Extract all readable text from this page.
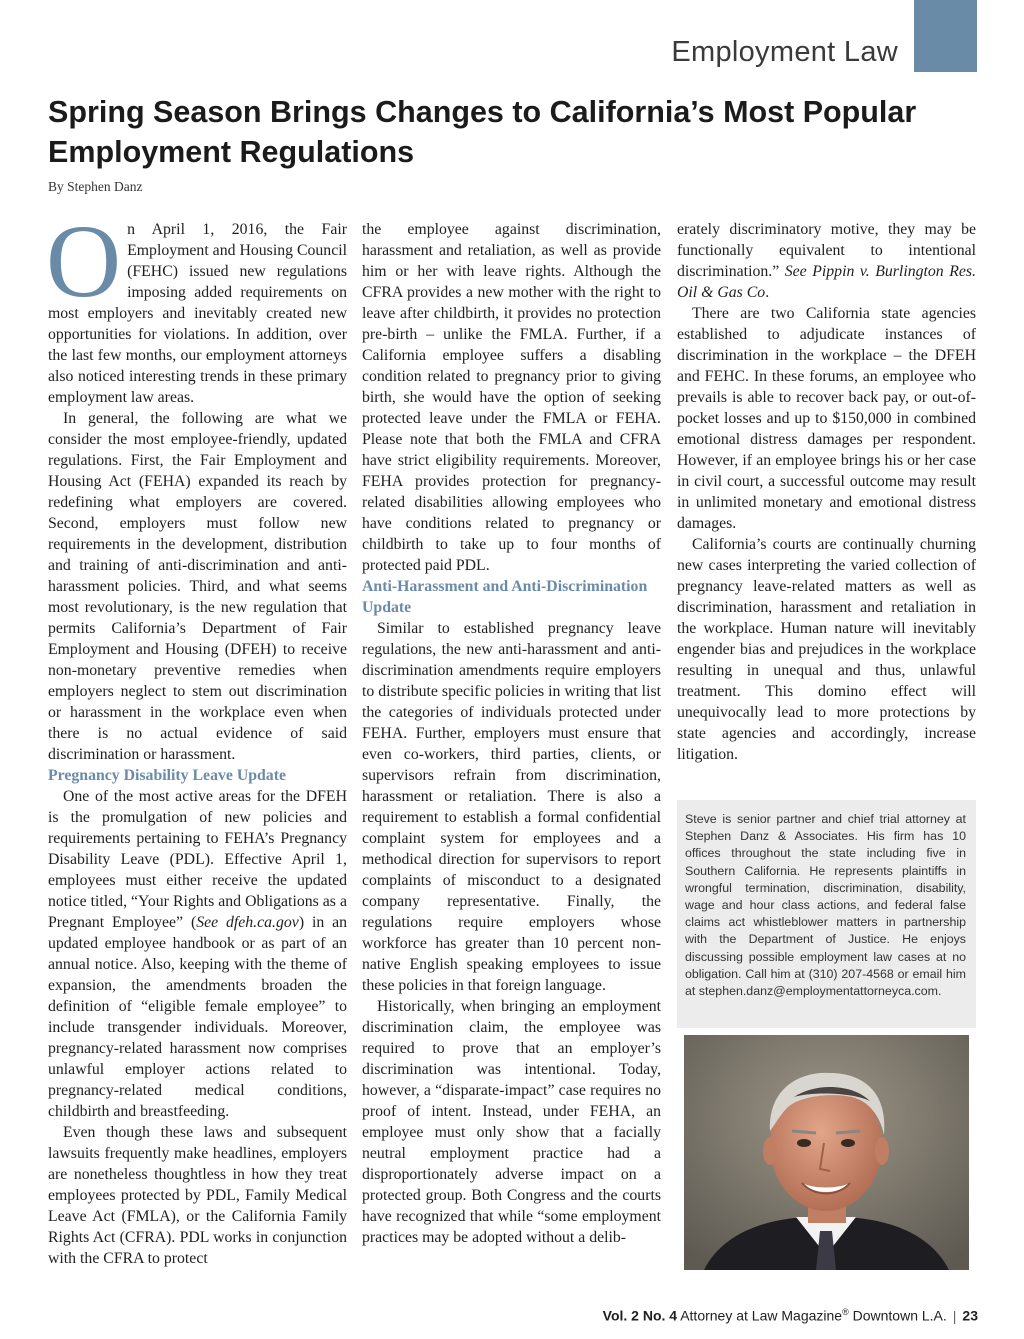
Employment Law
Spring Season Brings Changes to California’s Most Popular Employment Regulations
By Stephen Danz

On April 1, 2016, the Fair Employment and Housing Council (FEHC) issued new regulations imposing added requirements on most employers and inevitably created new opportunities for violations. In addition, over the last few months, our employment attorneys also noticed interesting trends in these primary employment law areas.

In general, the following are what we consider the most employee-friendly, updated regulations. First, the Fair Employment and Housing Act (FEHA) expanded its reach by redefining what employers are covered. Second, employers must follow new requirements in the development, distribution and training of anti-discrimination and anti-harassment policies. Third, and what seems most revolutionary, is the new regulation that permits California’s Department of Fair Employment and Housing (DFEH) to receive non-monetary preventive remedies when employers neglect to stem out discrimination or harassment in the workplace even when there is no actual evidence of said discrimination or harassment.

Pregnancy Disability Leave Update

One of the most active areas for the DFEH is the promulgation of new policies and requirements pertaining to FEHA’s Pregnancy Disability Leave (PDL). Effective April 1, employees must either receive the updated notice titled, “Your Rights and Obligations as a Pregnant Employee” (See dfeh.ca.gov) in an updated employee handbook or as part of an annual notice. Also, keeping with the theme of expansion, the amendments broaden the definition of “eligible female employee” to include transgender individuals. Moreover, pregnancy-related harassment now comprises unlawful employer actions related to pregnancy-related medical conditions, childbirth and breastfeeding.

Even though these laws and subsequent lawsuits frequently make headlines, employers are nonetheless thoughtless in how they treat employees protected by PDL, Family Medical Leave Act (FMLA), or the California Family Rights Act (CFRA). PDL works in conjunction with the CFRA to protect

the employee against discrimination, harassment and retaliation, as well as provide him or her with leave rights. Although the CFRA provides a new mother with the right to leave after childbirth, it provides no protection pre-birth – unlike the FMLA. Further, if a California employee suffers a disabling condition related to pregnancy prior to giving birth, she would have the option of seeking protected leave under the FMLA or FEHA. Please note that both the FMLA and CFRA have strict eligibility requirements. Moreover, FEHA provides protection for pregnancy-related disabilities allowing employees who have conditions related to pregnancy or childbirth to take up to four months of protected paid PDL.

Anti-Harassment and Anti-Discrimination Update

Similar to established pregnancy leave regulations, the new anti-harassment and anti-discrimination amendments require employers to distribute specific policies in writing that list the categories of individuals protected under FEHA. Further, employers must ensure that even co-workers, third parties, clients, or supervisors refrain from discrimination, harassment or retaliation. There is also a requirement to establish a formal confidential complaint system for employees and a methodical direction for supervisors to report complaints of misconduct to a designated company representative. Finally, the regulations require employers whose workforce has greater than 10 percent non-native English speaking employees to issue these policies in that foreign language.

Historically, when bringing an employment discrimination claim, the employee was required to prove that an employer’s discrimination was intentional. Today, however, a “disparate-impact” case requires no proof of intent. Instead, under FEHA, an employee must only show that a facially neutral employment practice had a disproportionately adverse impact on a protected group. Both Congress and the courts have recognized that while “some employment practices may be adopted without a delib-

erately discriminatory motive, they may be functionally equivalent to intentional discrimination.” See Pippin v. Burlington Res. Oil & Gas Co.

There are two California state agencies established to adjudicate instances of discrimination in the workplace – the DFEH and FEHC. In these forums, an employee who prevails is able to recover back pay, or out-of-pocket losses and up to $150,000 in combined emotional distress damages per respondent. However, if an employee brings his or her case in civil court, a successful outcome may result in unlimited monetary and emotional distress damages.

California’s courts are continually churning new cases interpreting the varied collection of pregnancy leave-related matters as well as discrimination, harassment and retaliation in the workplace. Human nature will inevitably engender bias and prejudices in the workplace resulting in unequal and thus, unlawful treatment. This domino effect will unequivocally lead to more protections by state agencies and accordingly, increase litigation.

Steve is senior partner and chief trial attorney at Stephen Danz & Associates. His firm has 10 offices throughout the state including five in Southern California. He represents plaintiffs in wrongful termination, discrimination, disability, wage and hour class actions, and federal false claims act whistleblower matters in partnership with the Department of Justice. He enjoys discussing possible employment law cases at no obligation. Call him at (310) 207-4568 or email him at stephen.danz@employmentattorneyca.com.
Vol. 2 No. 4 Attorney at Law Magazine® Downtown L.A. | 23
